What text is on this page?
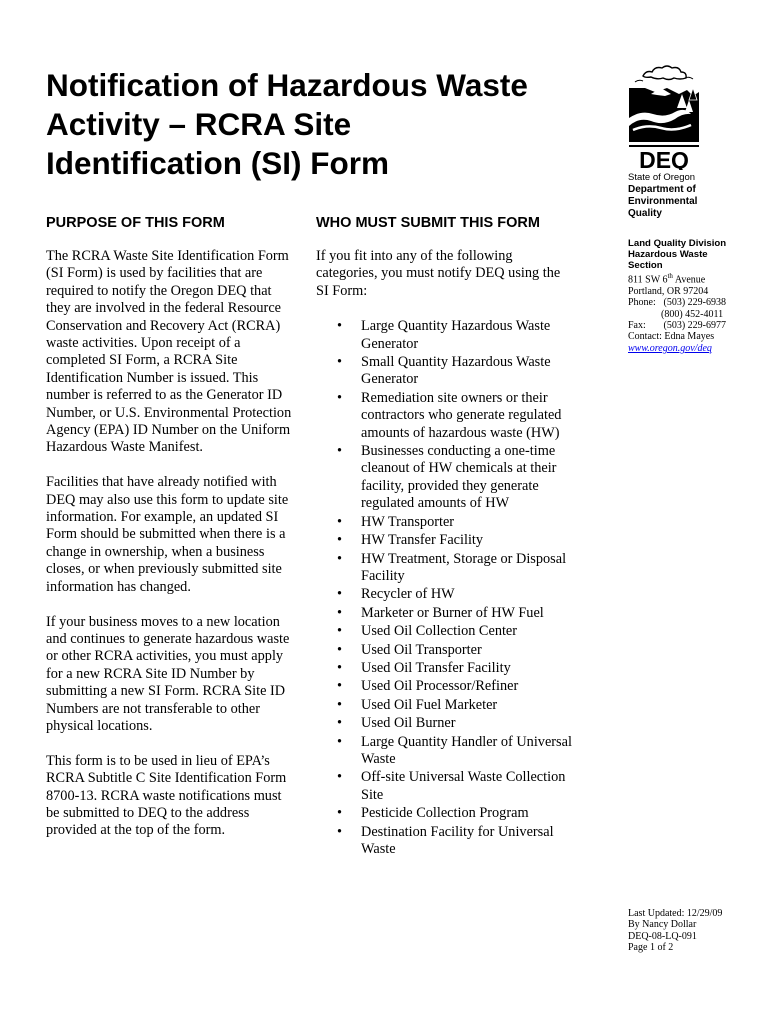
Notification of Hazardous Waste
Activity – RCRA Site
Identification (SI) Form	DEQ
State of Oregon
Department of
Environmental
Quality
Land Quality Division
Hazardous Waste
Section
811 SW 6th Avenue
Portland, OR 97204
Phone: (503) 229-6938
(800) 452-4011
Fax: (503) 229-6977
Contact: Edna Mayes
www.oregon.gov/deq
PURPOSE OF THIS FORM

The RCRA Waste Site Identification Form (SI Form) is used by facilities that are required to notify the Oregon DEQ that they are involved in the federal Resource Conservation and Recovery Act (RCRA) waste activities. Upon receipt of a completed SI Form, a RCRA Site Identification Number is issued. This number is referred to as the Generator ID Number, or U.S. Environmental Protection Agency (EPA) ID Number on the Uniform Hazardous Waste Manifest.

Facilities that have already notified with DEQ may also use this form to update site information. For example, an updated SI Form should be submitted when there is a change in ownership, when a business closes, or when previously submitted site information has changed.

If your business moves to a new location and continues to generate hazardous waste or other RCRA activities, you must apply for a new RCRA Site ID Number by submitting a new SI Form. RCRA Site ID Numbers are not transferable to other physical locations.

This form is to be used in lieu of EPA’s RCRA Subtitle C Site Identification Form 8700-13. RCRA waste notifications must be submitted to DEQ to the address provided at the top of the form.

WHO MUST SUBMIT THIS FORM

If you fit into any of the following categories, you must notify DEQ using the SI Form:

• Large Quantity Hazardous Waste Generator
• Small Quantity Hazardous Waste Generator
• Remediation site owners or their contractors who generate regulated amounts of hazardous waste (HW)
• Businesses conducting a one-time cleanout of HW chemicals at their facility, provided they generate regulated amounts of HW
• HW Transporter
• HW Transfer Facility
• HW Treatment, Storage or Disposal Facility
• Recycler of HW
• Marketer or Burner of HW Fuel
• Used Oil Collection Center
• Used Oil Transporter
• Used Oil Transfer Facility
• Used Oil Processor/Refiner
• Used Oil Fuel Marketer
• Used Oil Burner
• Large Quantity Handler of Universal Waste
• Off-site Universal Waste Collection Site
• Pesticide Collection Program
• Destination Facility for Universal Waste
Last Updated: 12/29/09
By Nancy Dollar
DEQ-08-LQ-091
Page 1 of 2
